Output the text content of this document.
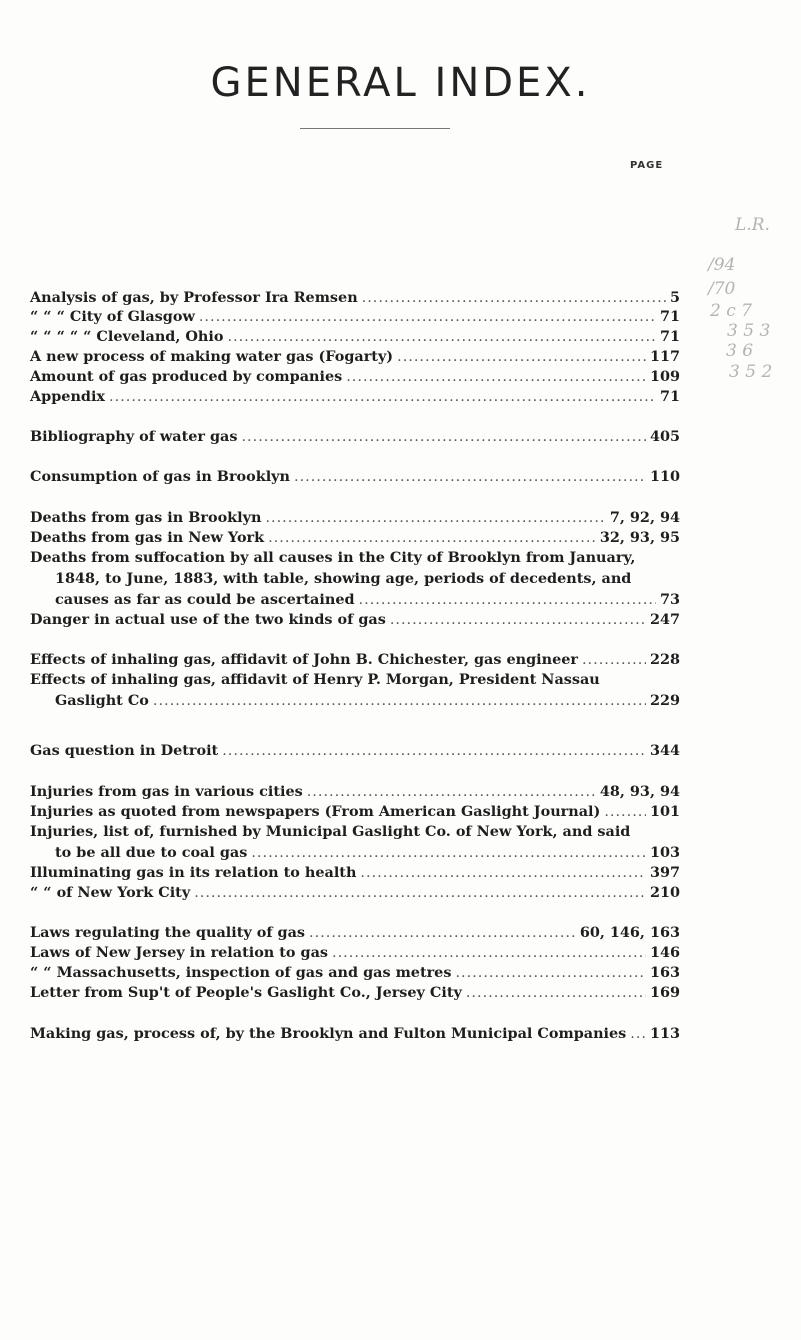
GENERAL INDEX.
PAGE
Analysis of gas, by Professor Ira Remsen .....	5
“ “ “ City of Glasgow .....	71
“ “ “ “ “ Cleveland, Ohio .....	71
A new process of making water gas (Fogarty) .....	117
Amount of gas produced by companies .....	109
Appendix .....	71
Bibliography of water gas .....	405
Consumption of gas in Brooklyn .....	110
Deaths from gas in Brooklyn .....	7, 92, 94
Deaths from gas in New York .....	32, 93, 95
Deaths from suffocation by all causes in the City of Brooklyn from January,
1848, to June, 1883, with table, showing age, periods of decedents, and
causes as far as could be ascertained .....	73
Danger in actual use of the two kinds of gas .....	247
Effects of inhaling gas, affidavit of John B. Chichester, gas engineer .....	228
Effects of inhaling gas, affidavit of Henry P. Morgan, President Nassau
Gaslight Co .....	229
Gas question in Detroit .....	344
Injuries from gas in various cities .....	48, 93, 94
Injuries as quoted from newspapers (From American Gaslight Journal) .....	101
Injuries, list of, furnished by Municipal Gaslight Co. of New York, and said
to be all due to coal gas .....	103
Illuminating gas in its relation to health .....	397
“ “ of New York City .....	210
Laws regulating the quality of gas .....	60, 146, 163
Laws of New Jersey in relation to gas .....	146
“ “ Massachusetts, inspection of gas and gas metres .....	163
Letter from Sup't of People's Gaslight Co., Jersey City .....	169
Making gas, process of, by the Brooklyn and Fulton Municipal Companies ..... 113
L.R.
/94
/70
2 c 7
3 5 3
3 6
3 5 2
